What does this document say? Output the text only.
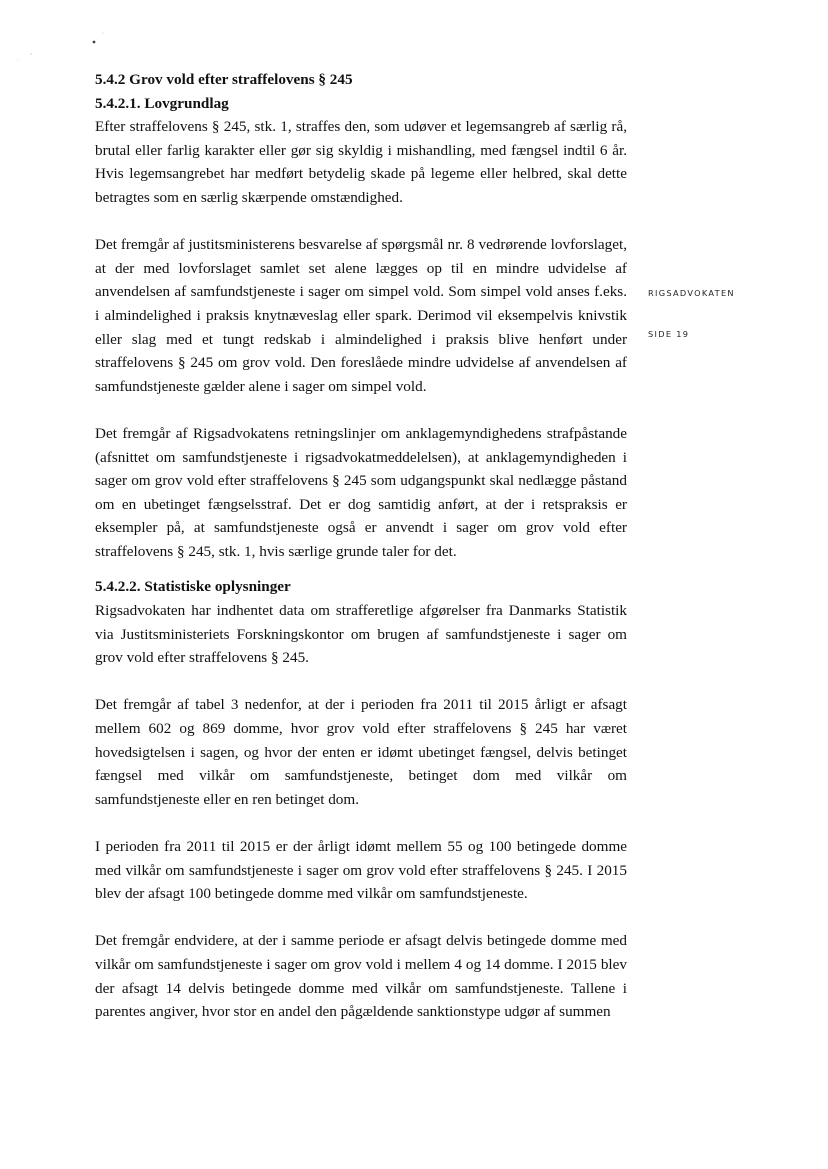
5.4.2 Grov vold efter straffelovens § 245
5.4.2.1. Lovgrundlag

Efter straffelovens § 245, stk. 1, straffes den, som udøver et legemsangreb af særlig rå, brutal eller farlig karakter eller gør sig skyldig i mishandling, med fængsel indtil 6 år. Hvis legemsangrebet har medført betydelig skade på legeme eller helbred, skal dette betragtes som en særlig skærpende omstændighed.

Det fremgår af justitsministerens besvarelse af spørgsmål nr. 8 vedrørende lovforslaget, at der med lovforslaget samlet set alene lægges op til en mindre udvidelse af anvendelsen af samfundstjeneste i sager om simpel vold. Som simpel vold anses f.eks. i almindelighed i praksis knytnæveslag eller spark. Derimod vil eksempelvis knivstik eller slag med et tungt redskab i almindelighed i praksis blive henført under straffelovens § 245 om grov vold. Den foreslåede mindre udvidelse af anvendelsen af samfundstjeneste gælder alene i sager om simpel vold.

Det fremgår af Rigsadvokatens retningslinjer om anklagemyndighedens strafpåstande (afsnittet om samfundstjeneste i rigsadvokatmeddelelsen), at anklagemyndigheden i sager om grov vold efter straffelovens § 245 som udgangspunkt skal nedlægge påstand om en ubetinget fængselsstraf. Det er dog samtidig anført, at der i retspraksis er eksempler på, at samfundstjeneste også er anvendt i sager om grov vold efter straffelovens § 245, stk. 1, hvis særlige grunde taler for det.

5.4.2.2. Statistiske oplysninger

Rigsadvokaten har indhentet data om strafferetlige afgørelser fra Danmarks Statistik via Justitsministeriets Forskningskontor om brugen af samfundstjeneste i sager om grov vold efter straffelovens § 245.

Det fremgår af tabel 3 nedenfor, at der i perioden fra 2011 til 2015 årligt er afsagt mellem 602 og 869 domme, hvor grov vold efter straffelovens § 245 har været hovedsigtelsen i sagen, og hvor der enten er idømt ubetinget fængsel, delvis betinget fængsel med vilkår om samfundstjeneste, betinget dom med vilkår om samfundstjeneste eller en ren betinget dom.

I perioden fra 2011 til 2015 er der årligt idømt mellem 55 og 100 betingede domme med vilkår om samfundstjeneste i sager om grov vold efter straffelovens § 245. I 2015 blev der afsagt 100 betingede domme med vilkår om samfundstjeneste.

Det fremgår endvidere, at der i samme periode er afsagt delvis betingede domme med vilkår om samfundstjeneste i sager om grov vold i mellem 4 og 14 domme. I 2015 blev der afsagt 14 delvis betingede domme med vilkår om samfundstjeneste. Tallene i parentes angiver, hvor stor en andel den pågældende sanktionstype udgør af summen

RIGSADVOKATEN
SIDE 19
